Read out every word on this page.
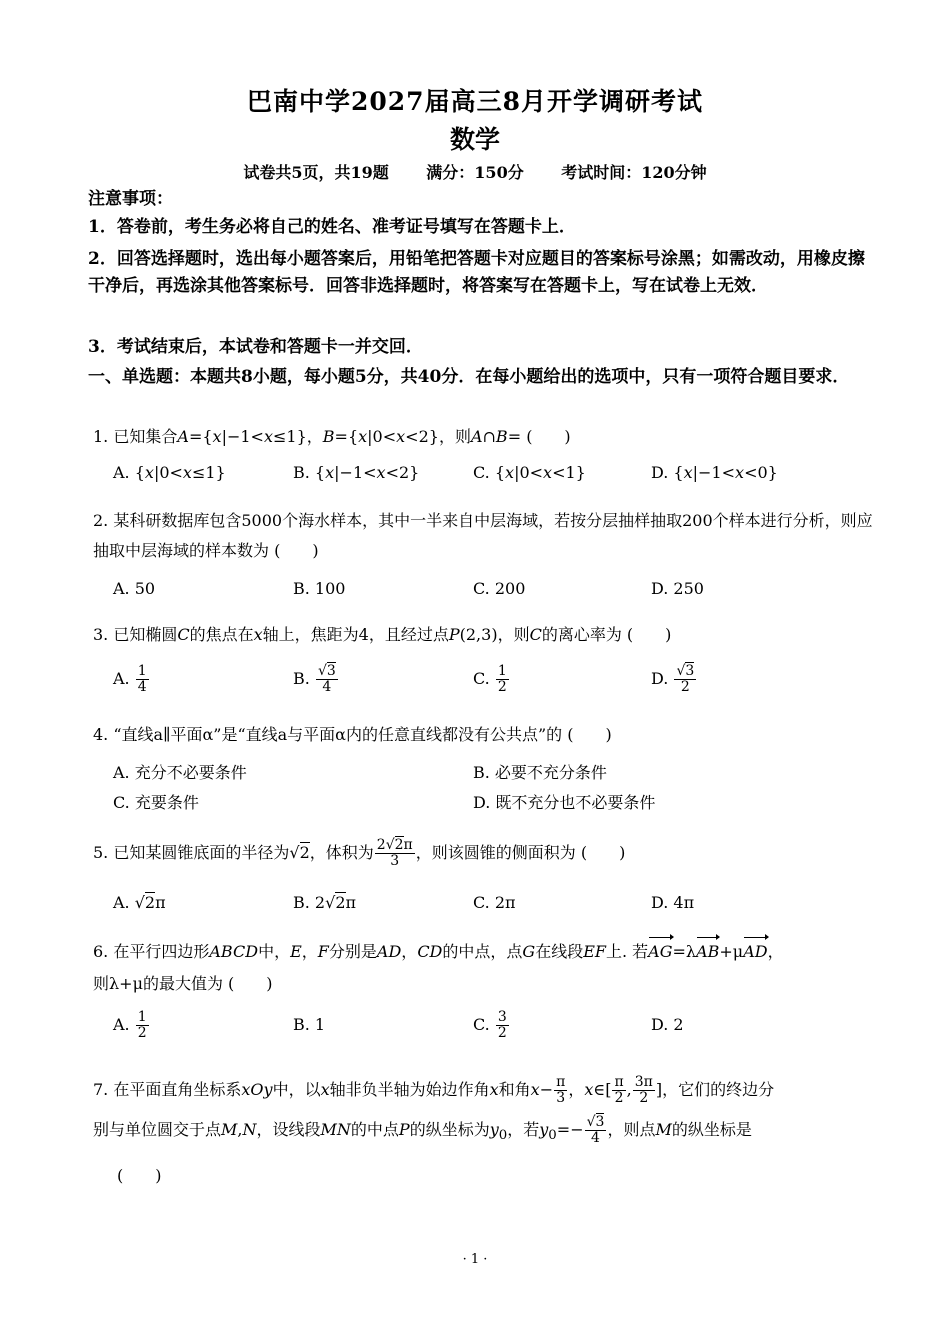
巴南中学2027届高三8月开学调研考试
数学
试卷共5页，共19题 满分：150分 考试时间：120分钟
注意事项：
1．答卷前，考生务必将自己的姓名、准考证号填写在答题卡上．
2．回答选择题时，选出每小题答案后，用铅笔把答题卡对应题目的答案标号涂黑；如需改动，用橡皮擦干净后，再选涂其他答案标号．回答非选择题时，将答案写在答题卡上，写在试卷上无效．
3．考试结束后，本试卷和答题卡一并交回．
一、单选题：本题共8小题，每小题5分，共40分．在每小题给出的选项中，只有一项符合题目要求．
1. 已知集合A={x|−1<x≤1}，B={x|0<x<2}，则A∩B= (　　)
A. {x|0<x≤1}	B. {x|−1<x<2}	C. {x|0<x<1}	D. {x|−1<x<0}
2. 某科研数据库包含5000个海水样本，其中一半来自中层海域，若按分层抽样抽取200个样本进行分析，则应抽取中层海域的样本数为 (　　)
A. 50	B. 100	C. 200	D. 250
3. 已知椭圆C的焦点在x轴上，焦距为4，且经过点P(2,3)，则C的离心率为 (　　)
A. $\frac{1}{4}$	B. $\frac{√3}{4}$	C. $\frac{1}{2}$	D. $\frac{√3}{2}$
4. “直线a∥平面α”是“直线a与平面α内的任意直线都没有公共点”的 (　　)
A. 充分不必要条件	B. 必要不充分条件
C. 充要条件	D. 既不充分也不必要条件
5. 已知某圆锥底面的半径为√2，体积为 $\frac{2√2\pi}{3}$ ，则该圆锥的侧面积为 (　　)
A. √2π	B. 2√2π	C. 2π	D. 4π
6. 在平行四边形ABCD中，E，F分别是AD，CD的中点，点G在线段EF上. 若AG=λAB+μAD，
则λ+μ的最大值为 (　　)
A. $\frac{1}{2}$	B. 1	C. $\frac{3}{2}$	D. 2
7. 在平面直角坐标系xOy中，以x轴非负半轴为始边作角x和角$x- \frac{\pi}{3}$ ，x∈[ $\frac{\pi}{2}$ , $\frac{3\pi}{2}$ ]，它们的终边分
别与单位圆交于点M,N，设线段MN的中点P的纵坐标为$y_0$，若$y_0=- \frac{√3}{4}$ ，则点M的纵坐标是
(　　)
· 1 ·
